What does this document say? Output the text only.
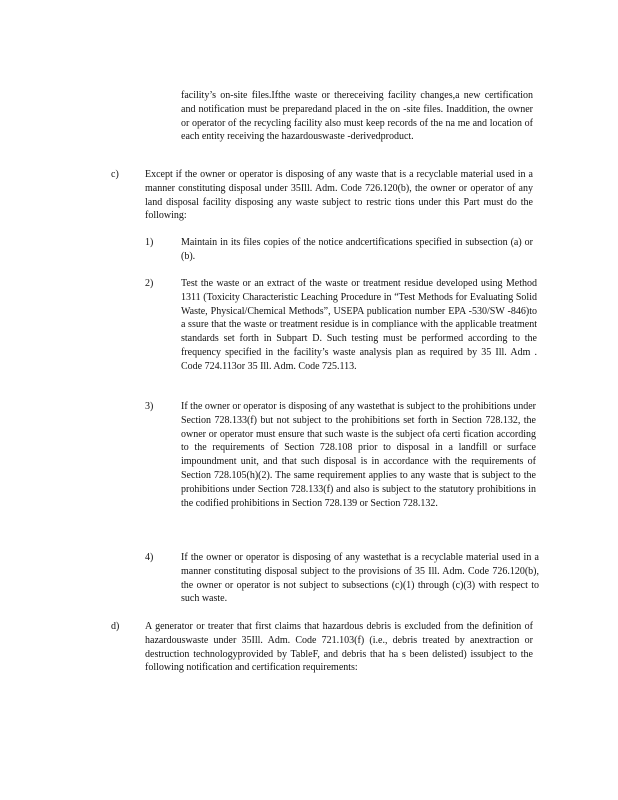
facility’s on-site files.Ifthe waste or thereceiving facility changes,a new certification and notification must be preparedand placed in the on -site files. Inaddition, the owner or operator of the recycling facility also must keep records of the na me and location of each entity receiving the hazardouswaste -derivedproduct.

c)	Except if the owner or operator is disposing of any waste that is a recyclable material used in a manner constituting disposal under 35Ill. Adm. Code 726.120(b), the owner or operator of any land disposal facility disposing any waste subject to restric tions under this Part must do the following:

1)	Maintain in its files copies of the notice andcertifications specified in subsection (a) or (b).

2)	Test the waste or an extract of the waste or treatment residue developed using Method 1311 (Toxicity Characteristic Leaching Procedure in “Test Methods for Evaluating Solid Waste, Physical/Chemical Methods”, USEPA publication number EPA -530/SW -846)to a ssure that the waste or treatment residue is in compliance with the applicable treatment standards set forth in Subpart D. Such testing must be performed according to the frequency specified in the facility’s waste analysis plan as required by 35 Ill. Adm . Code 724.113or 35 Ill. Adm. Code 725.113.

3)	If the owner or operator is disposing of any wastethat is subject to the prohibitions under Section 728.133(f) but not subject to the prohibitions set forth in Section 728.132, the owner or operator must ensure that such waste is the subject ofa certi fication according to the requirements of Section 728.108 prior to disposal in a landfill or surface impoundment unit, and that such disposal is in accordance with the requirements of Section 728.105(h)(2). The same requirement applies to any waste that is subject to the prohibitions under Section 728.133(f) and also is subject to the statutory prohibitions in the codified prohibitions in Section 728.139 or Section 728.132.

4)	If the owner or operator is disposing of any wastethat is a recyclable material used in a manner constituting disposal subject to the provisions of 35 Ill. Adm. Code 726.120(b), the owner or operator is not subject to subsections (c)(1) through (c)(3) with respect to such waste.

d)	A generator or treater that first claims that hazardous debris is excluded from the definition of hazardouswaste under 35Ill. Adm. Code 721.103(f) (i.e., debris treated by anextraction or destruction technologyprovided by TableF, and debris that ha s been delisted) issubject to the following notification and certification requirements:
